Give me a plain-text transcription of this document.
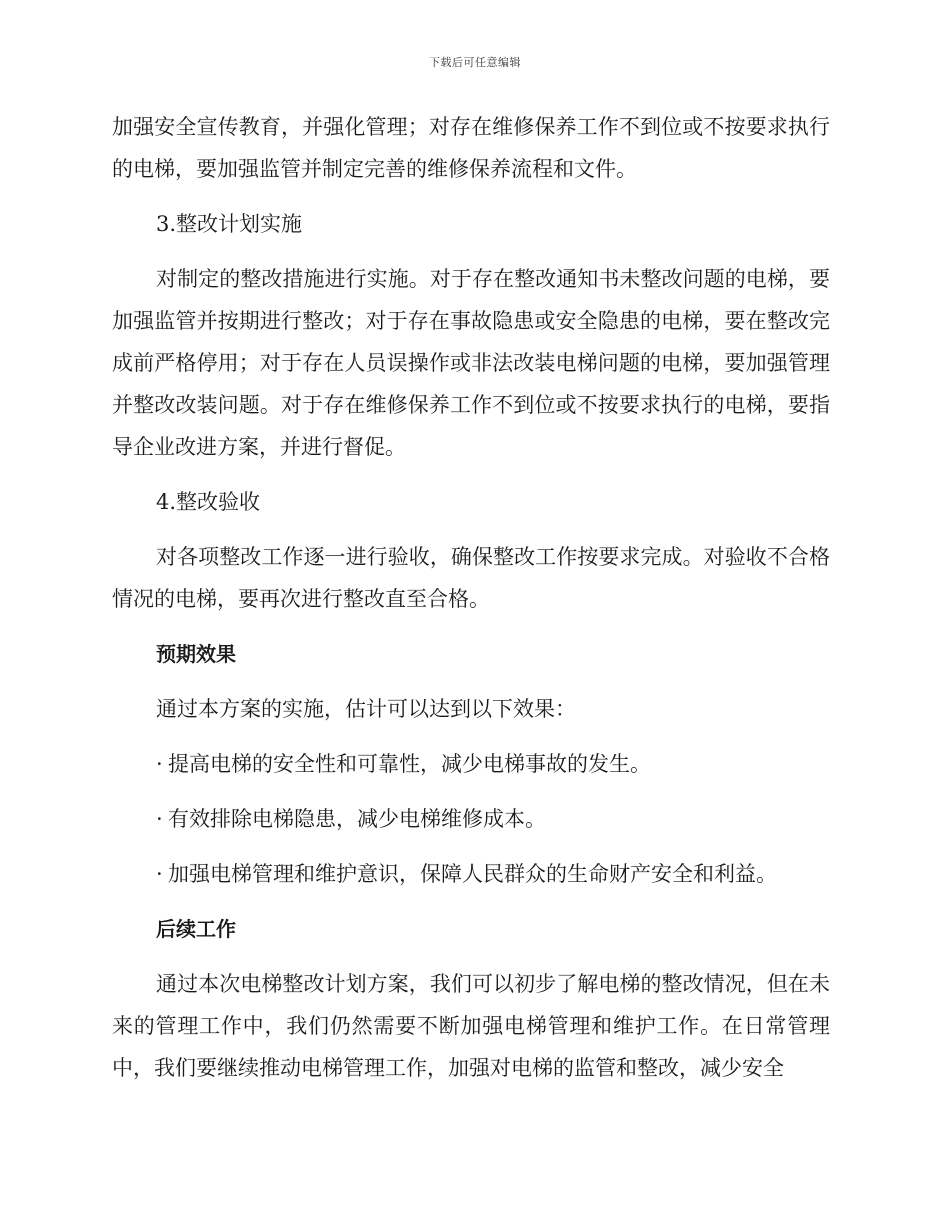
下载后可任意编辑

加强安全宣传教育，并强化管理；对存在维修保养工作不到位或不按要求执行的电梯，要加强监管并制定完善的维修保养流程和文件。

3.整改计划实施

对制定的整改措施进行实施。对于存在整改通知书未整改问题的电梯，要加强监管并按期进行整改；对于存在事故隐患或安全隐患的电梯，要在整改完成前严格停用；对于存在人员误操作或非法改装电梯问题的电梯，要加强管理并整改改装问题。对于存在维修保养工作不到位或不按要求执行的电梯，要指导企业改进方案，并进行督促。

4.整改验收

对各项整改工作逐一进行验收，确保整改工作按要求完成。对验收不合格情况的电梯，要再次进行整改直至合格。

预期效果

通过本方案的实施，估计可以达到以下效果：

· 提高电梯的安全性和可靠性，减少电梯事故的发生。

· 有效排除电梯隐患，减少电梯维修成本。

· 加强电梯管理和维护意识，保障人民群众的生命财产安全和利益。

后续工作

通过本次电梯整改计划方案，我们可以初步了解电梯的整改情况，但在未来的管理工作中，我们仍然需要不断加强电梯管理和维护工作。在日常管理中，我们要继续推动电梯管理工作，加强对电梯的监管和整改，减少安全
